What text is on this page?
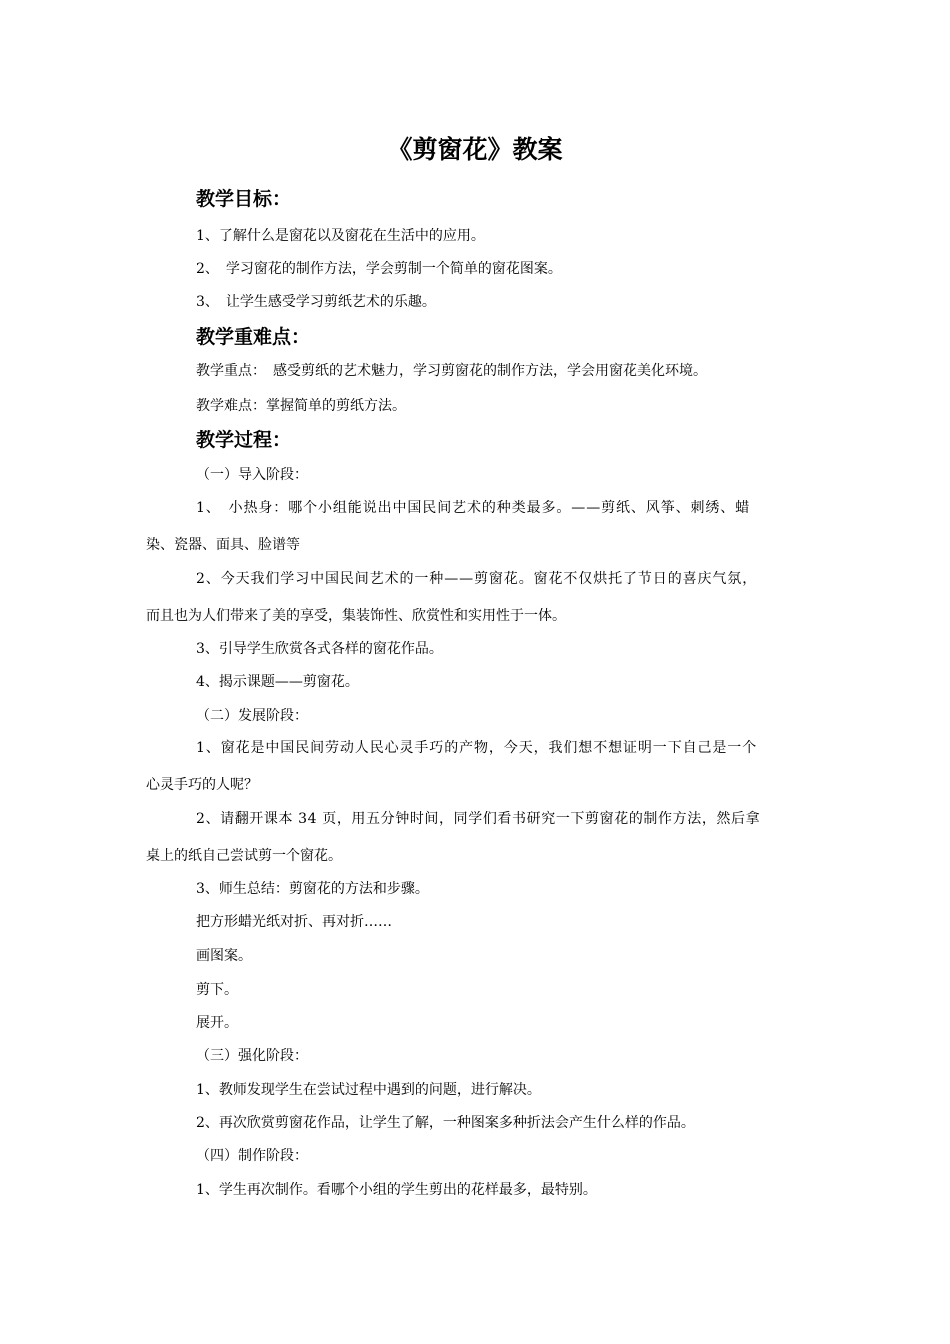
《剪窗花》教案
教学目标：
1、了解什么是窗花以及窗花在生活中的应用。
2、　学习窗花的制作方法，学会剪制一个简单的窗花图案。
3、　让学生感受学习剪纸艺术的乐趣。
教学重难点：
教学重点：　感受剪纸的艺术魅力，学习剪窗花的制作方法，学会用窗花美化环境。
教学难点：掌握简单的剪纸方法。
教学过程：
（一）导入阶段：
1、　小热身：哪个小组能说出中国民间艺术的种类最多。——剪纸、风筝、刺绣、蜡
染、瓷器、面具、脸谱等
2、今天我们学习中国民间艺术的一种——剪窗花。窗花不仅烘托了节日的喜庆气氛，
而且也为人们带来了美的享受，集装饰性、欣赏性和实用性于一体。
3、引导学生欣赏各式各样的窗花作品。
4、揭示课题——剪窗花。
（二）发展阶段：
1、窗花是中国民间劳动人民心灵手巧的产物，今天，我们想不想证明一下自己是一个
心灵手巧的人呢？
2、请翻开课本 34 页，用五分钟时间，同学们看书研究一下剪窗花的制作方法，然后拿
桌上的纸自己尝试剪一个窗花。
3、师生总结：剪窗花的方法和步骤。
把方形蜡光纸对折、再对折……
画图案。
剪下。
展开。
（三）强化阶段：
1、教师发现学生在尝试过程中遇到的问题，进行解决。
2、再次欣赏剪窗花作品，让学生了解，一种图案多种折法会产生什么样的作品。
（四）制作阶段：
1、学生再次制作。看哪个小组的学生剪出的花样最多，最特别。
